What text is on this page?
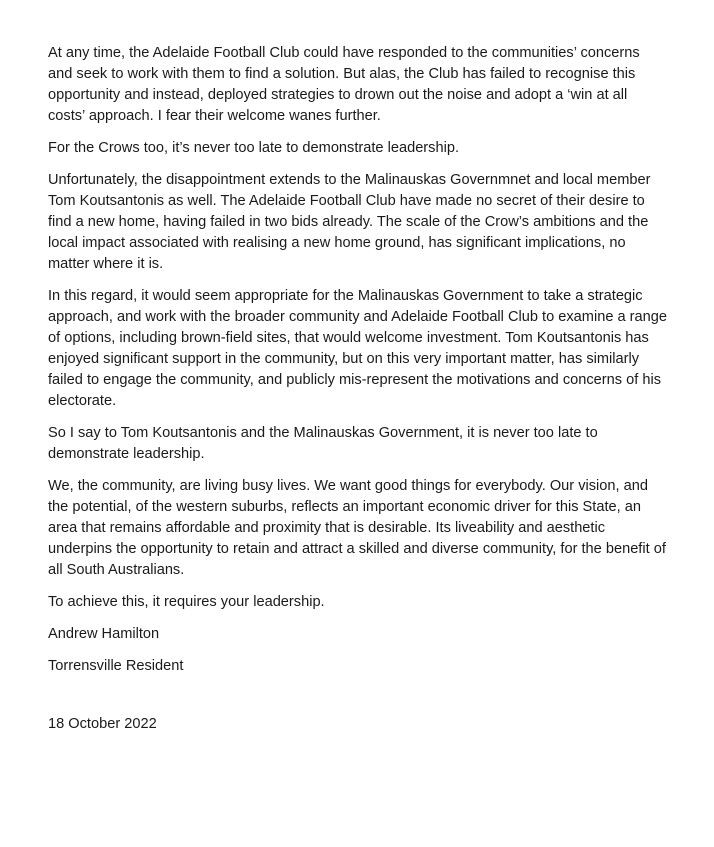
At any time, the Adelaide Football Club could have responded to the communities’ concerns and seek to work with them to find a solution. But alas, the Club has failed to recognise this opportunity and instead, deployed strategies to drown out the noise and adopt a ‘win at all costs’ approach. I fear their welcome wanes further.

For the Crows too, it’s never too late to demonstrate leadership.

Unfortunately, the disappointment extends to the Malinauskas Governmnet and local member Tom Koutsantonis as well. The Adelaide Football Club have made no secret of their desire to find a new home, having failed in two bids already. The scale of the Crow’s ambitions and the local impact associated with realising a new home ground, has significant implications, no matter where it is.

In this regard, it would seem appropriate for the Malinauskas Government to take a strategic approach, and work with the broader community and Adelaide Football Club to examine a range of options, including brown-field sites, that would welcome investment. Tom Koutsantonis has enjoyed significant support in the community, but on this very important matter, has similarly failed to engage the community, and publicly mis-represent the motivations and concerns of his electorate.

So I say to Tom Koutsantonis and the Malinauskas Government, it is never too late to demonstrate leadership.

We, the community, are living busy lives. We want good things for everybody. Our vision, and the potential, of the western suburbs, reflects an important economic driver for this State, an area that remains affordable and proximity that is desirable. Its liveability and aesthetic underpins the opportunity to retain and attract a skilled and diverse community, for the benefit of all South Australians.

To achieve this, it requires your leadership.

Andrew Hamilton

Torrensville Resident

18 October 2022
